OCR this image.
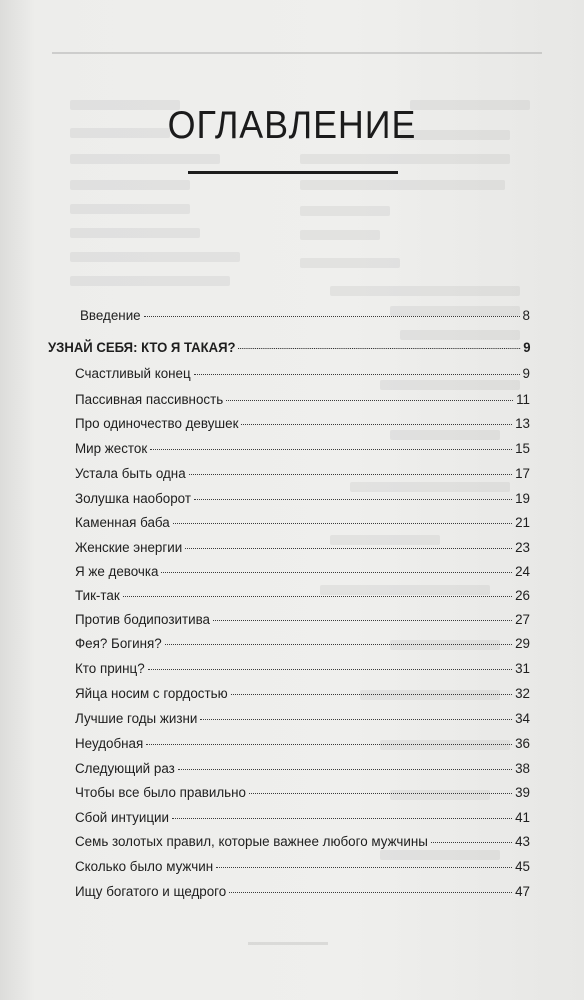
ОГЛАВЛЕНИЕ
Введение	8
УЗНАЙ СЕБЯ: КТО Я ТАКАЯ?	9
Счастливый конец	9
Пассивная пассивность	11
Про одиночество девушек	13
Мир жесток	15
Устала быть одна	17
Золушка наоборот	19
Каменная баба	21
Женские энергии	23
Я же девочка	24
Тик-так	26
Против бодипозитива	27
Фея? Богиня?	29
Кто принц?	31
Яйца носим с гордостью	32
Лучшие годы жизни	34
Неудобная	36
Следующий раз	38
Чтобы все было правильно	39
Сбой интуиции	41
Семь золотых правил, которые важнее любого мужчины	43
Сколько было мужчин	45
Ищу богатого и щедрого	47
